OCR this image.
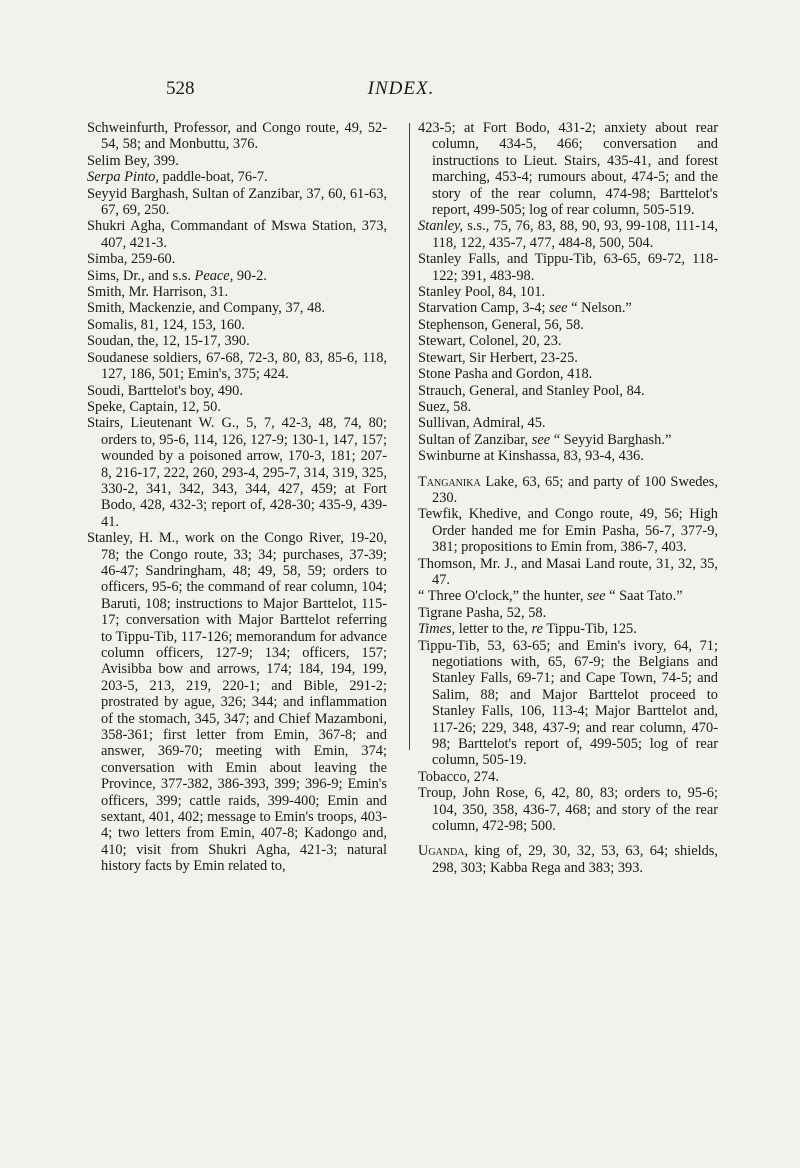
528	INDEX.

Schweinfurth, Professor, and Congo route, 49, 52-54, 58; and Monbuttu, 376.

Selim Bey, 399.

Serpa Pinto, paddle-boat, 76-7.

Seyyid Barghash, Sultan of Zanzibar, 37, 60, 61-63, 67, 69, 250.

Shukri Agha, Commandant of Mswa Station, 373, 407, 421-3.

Simba, 259-60.

Sims, Dr., and s.s. Peace, 90-2.

Smith, Mr. Harrison, 31.

Smith, Mackenzie, and Company, 37, 48.

Somalis, 81, 124, 153, 160.

Soudan, the, 12, 15-17, 390.

Soudanese soldiers, 67-68, 72-3, 80, 83, 85-6, 118, 127, 186, 501; Emin's, 375; 424.

Soudi, Barttelot's boy, 490.

Speke, Captain, 12, 50.

Stairs, Lieutenant W. G., 5, 7, 42-3, 48, 74, 80; orders to, 95-6, 114, 126, 127-9; 130-1, 147, 157; wounded by a poisoned arrow, 170-3, 181; 207-8, 216-17, 222, 260, 293-4, 295-7, 314, 319, 325, 330-2, 341, 342, 343, 344, 427, 459; at Fort Bodo, 428, 432-3; report of, 428-30; 435-9, 439-41.

Stanley, H. M., work on the Congo River, 19-20, 78; the Congo route, 33; 34; purchases, 37-39; 46-47; Sandringham, 48; 49, 58, 59; orders to officers, 95-6; the command of rear column, 104; Baruti, 108; instructions to Major Barttelot, 115-17; conversation with Major Barttelot referring to Tippu-Tib, 117-126; memorandum for advance column officers, 127-9; 134; officers, 157; Avisibba bow and arrows, 174; 184, 194, 199, 203-5, 213, 219, 220-1; and Bible, 291-2; prostrated by ague, 326; 344; and inflammation of the stomach, 345, 347; and Chief Mazamboni, 358-361; first letter from Emin, 367-8; and answer, 369-70; meeting with Emin, 374; conversation with Emin about leaving the Province, 377-382, 386-393, 399; 396-9; Emin's officers, 399; cattle raids, 399-400; Emin and sextant, 401, 402; message to Emin's troops, 403-4; two letters from Emin, 407-8; Kadongo and, 410; visit from Shukri Agha, 421-3; natural history facts by Emin related to,

423-5; at Fort Bodo, 431-2; anxiety about rear column, 434-5, 466; conversation and instructions to Lieut. Stairs, 435-41, and forest marching, 453-4; rumours about, 474-5; and the story of the rear column, 474-98; Barttelot's report, 499-505; log of rear column, 505-519.

Stanley, s.s., 75, 76, 83, 88, 90, 93, 99-108, 111-14, 118, 122, 435-7, 477, 484-8, 500, 504.

Stanley Falls, and Tippu-Tib, 63-65, 69-72, 118-122; 391, 483-98.

Stanley Pool, 84, 101.

Starvation Camp, 3-4; see “ Nelson.”

Stephenson, General, 56, 58.

Stewart, Colonel, 20, 23.

Stewart, Sir Herbert, 23-25.

Stone Pasha and Gordon, 418.

Strauch, General, and Stanley Pool, 84.

Suez, 58.

Sullivan, Admiral, 45.

Sultan of Zanzibar, see “ Seyyid Barghash.”

Swinburne at Kinshassa, 83, 93-4, 436.

Tanganika Lake, 63, 65; and party of 100 Swedes, 230.

Tewfik, Khedive, and Congo route, 49, 56; High Order handed me for Emin Pasha, 56-7, 377-9, 381; propositions to Emin from, 386-7, 403.

Thomson, Mr. J., and Masai Land route, 31, 32, 35, 47.

“ Three O'clock,” the hunter, see “ Saat Tato.”

Tigrane Pasha, 52, 58.

Times, letter to the, re Tippu-Tib, 125.

Tippu-Tib, 53, 63-65; and Emin's ivory, 64, 71; negotiations with, 65, 67-9; the Belgians and Stanley Falls, 69-71; and Cape Town, 74-5; and Salim, 88; and Major Barttelot proceed to Stanley Falls, 106, 113-4; Major Barttelot and, 117-26; 229, 348, 437-9; and rear column, 470-98; Barttelot's report of, 499-505; log of rear column, 505-19.

Tobacco, 274.

Troup, John Rose, 6, 42, 80, 83; orders to, 95-6; 104, 350, 358, 436-7, 468; and story of the rear column, 472-98; 500.

Uganda, king of, 29, 30, 32, 53, 63, 64; shields, 298, 303; Kabba Rega and 383; 393.
